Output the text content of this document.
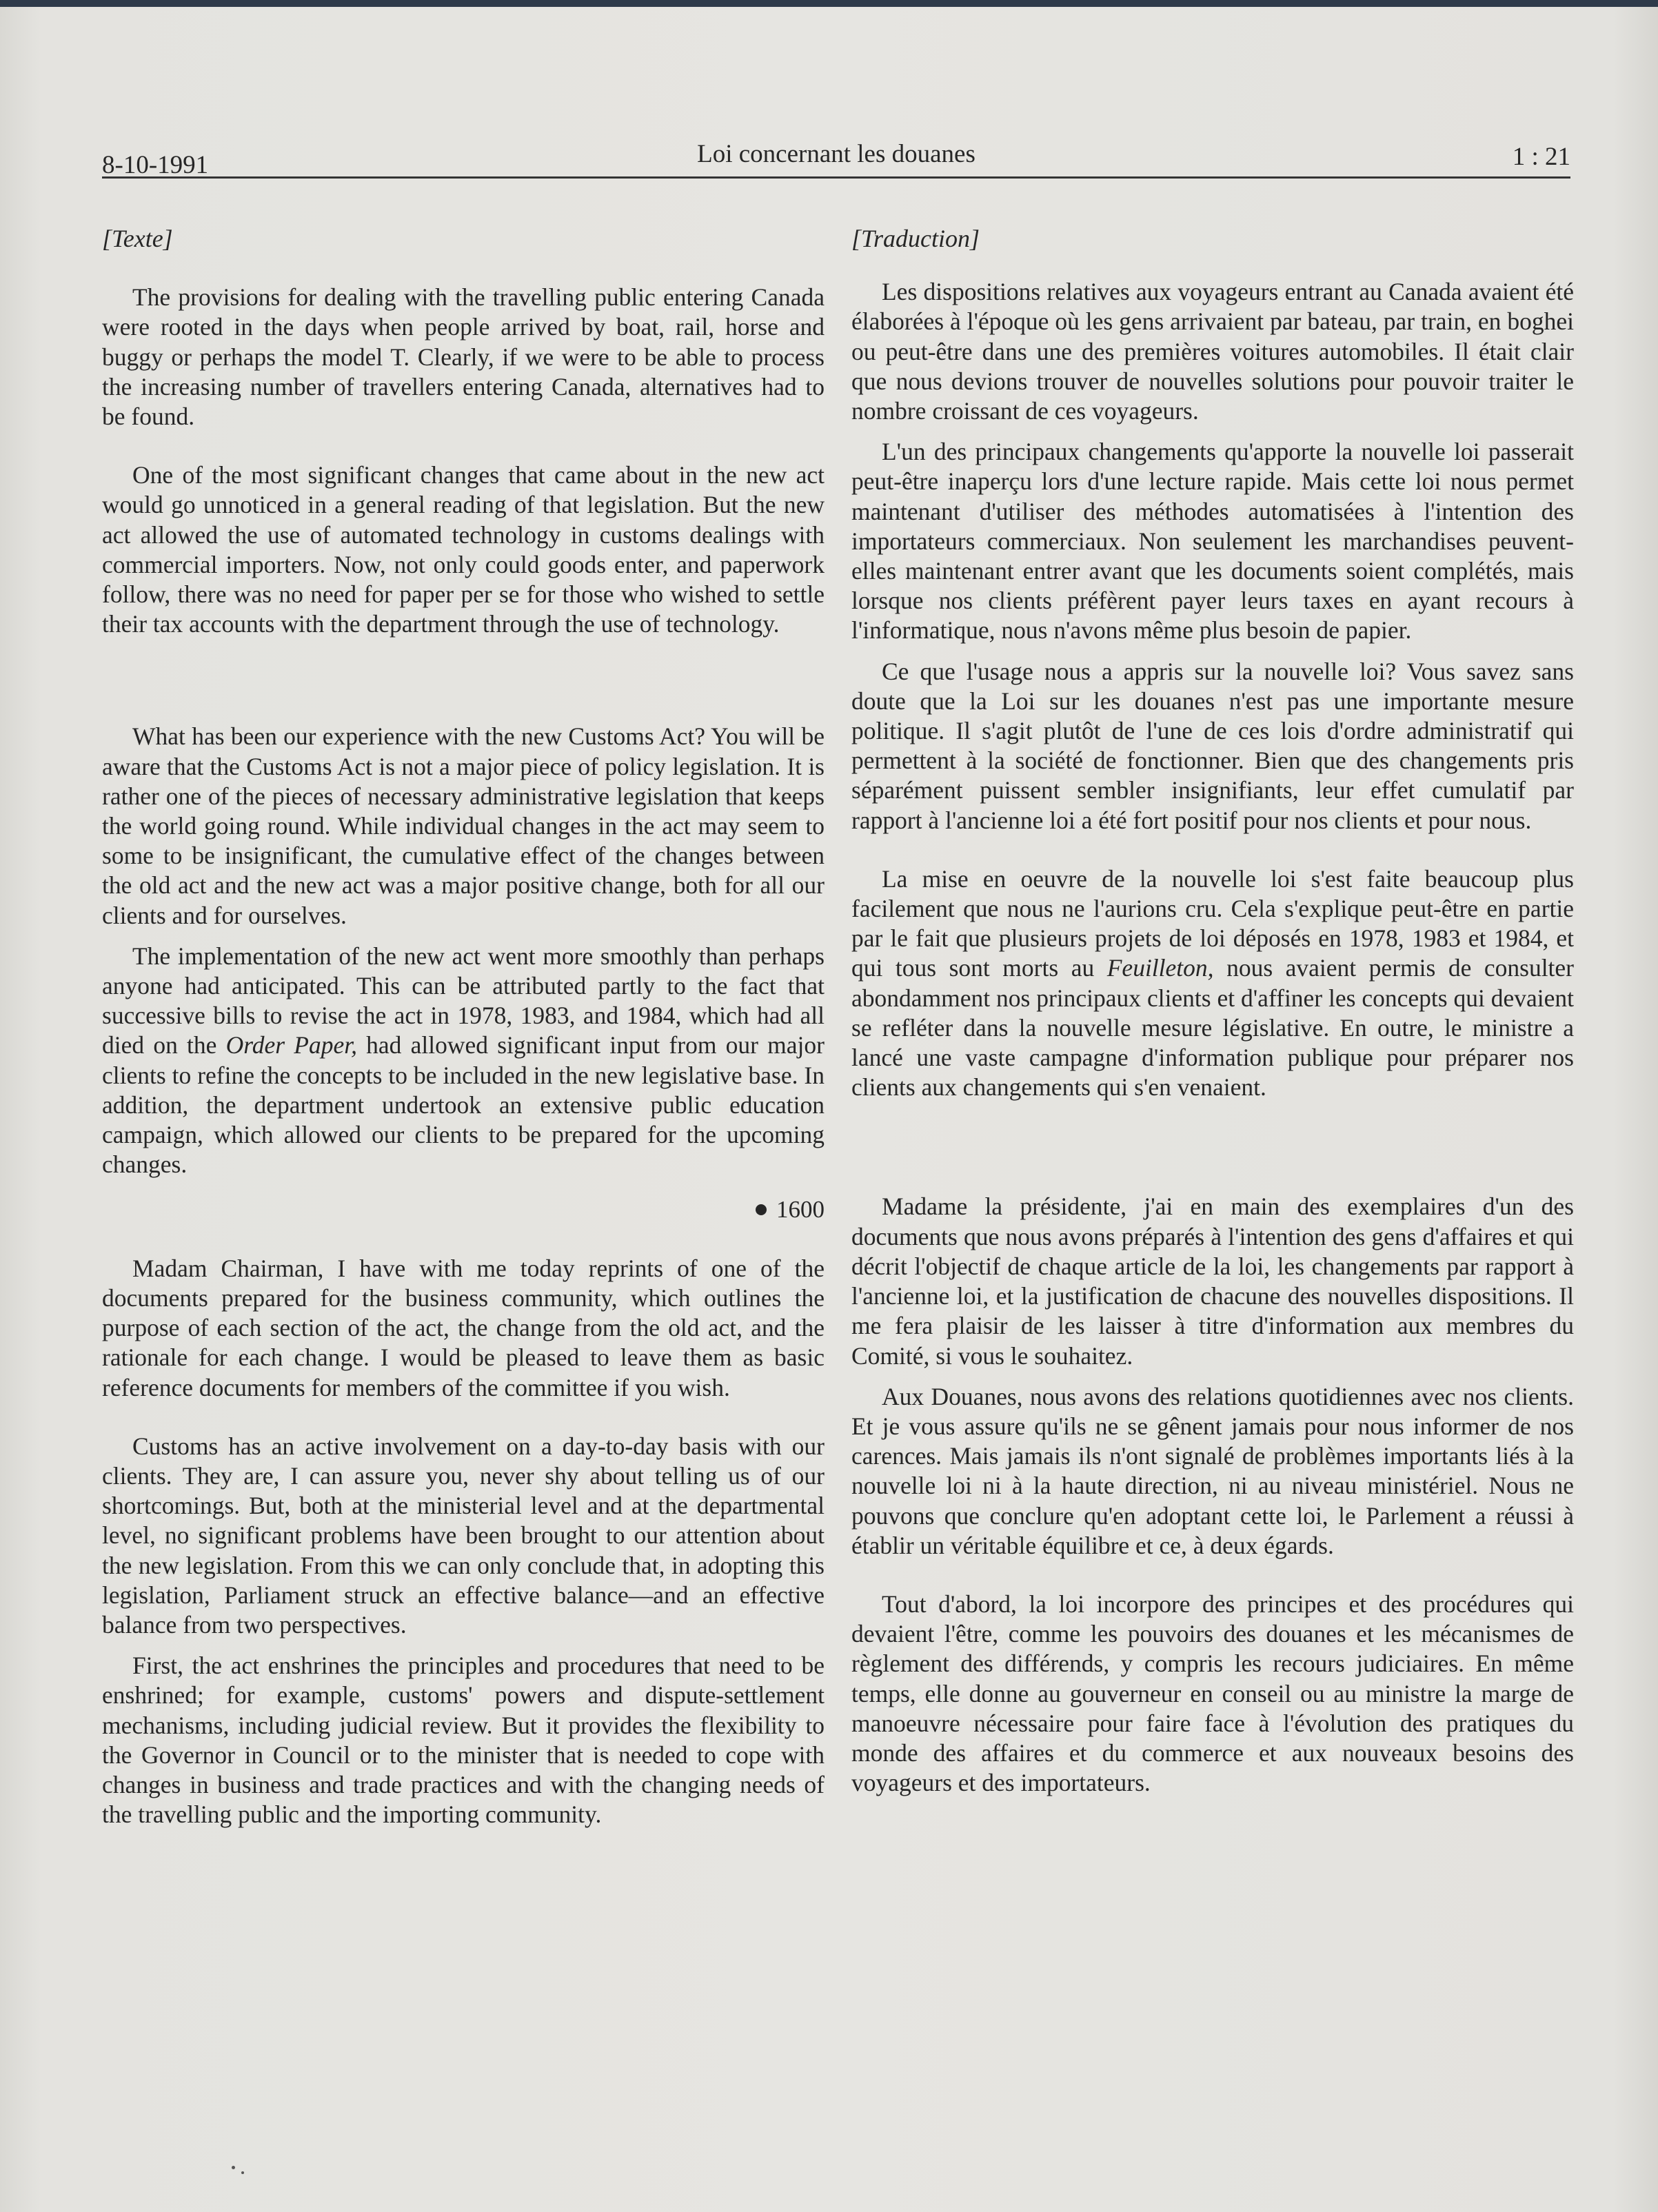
8-10-1991	Loi concernant les douanes	1 : 21
[Texte]

The provisions for dealing with the travelling public entering Canada were rooted in the days when people arrived by boat, rail, horse and buggy or perhaps the model T. Clearly, if we were to be able to process the increasing number of travellers entering Canada, alternatives had to be found.

One of the most significant changes that came about in the new act would go unnoticed in a general reading of that legislation. But the new act allowed the use of automated technology in customs dealings with commercial importers. Now, not only could goods enter, and paperwork follow, there was no need for paper per se for those who wished to settle their tax accounts with the department through the use of technology.

What has been our experience with the new Customs Act? You will be aware that the Customs Act is not a major piece of policy legislation. It is rather one of the pieces of necessary administrative legislation that keeps the world going round. While individual changes in the act may seem to some to be insignificant, the cumulative effect of the changes between the old act and the new act was a major positive change, both for all our clients and for ourselves.

The implementation of the new act went more smoothly than perhaps anyone had anticipated. This can be attributed partly to the fact that successive bills to revise the act in 1978, 1983, and 1984, which had all died on the Order Paper, had allowed significant input from our major clients to refine the concepts to be included in the new legislative base. In addition, the department undertook an extensive public education campaign, which allowed our clients to be prepared for the upcoming changes.

1600

Madam Chairman, I have with me today reprints of one of the documents prepared for the business community, which outlines the purpose of each section of the act, the change from the old act, and the rationale for each change. I would be pleased to leave them as basic reference documents for members of the committee if you wish.

Customs has an active involvement on a day-to-day basis with our clients. They are, I can assure you, never shy about telling us of our shortcomings. But, both at the ministerial level and at the departmental level, no significant problems have been brought to our attention about the new legislation. From this we can only conclude that, in adopting this legislation, Parliament struck an effective balance—and an effective balance from two perspectives.

First, the act enshrines the principles and procedures that need to be enshrined; for example, customs' powers and dispute-settlement mechanisms, including judicial review. But it provides the flexibility to the Governor in Council or to the minister that is needed to cope with changes in business and trade practices and with the changing needs of the travelling public and the importing community.

[Traduction]

Les dispositions relatives aux voyageurs entrant au Canada avaient été élaborées à l'époque où les gens arrivaient par bateau, par train, en boghei ou peut-être dans une des premières voitures automobiles. Il était clair que nous devions trouver de nouvelles solutions pour pouvoir traiter le nombre croissant de ces voyageurs.

L'un des principaux changements qu'apporte la nouvelle loi passerait peut-être inaperçu lors d'une lecture rapide. Mais cette loi nous permet maintenant d'utiliser des méthodes automatisées à l'intention des importateurs commerciaux. Non seulement les marchandises peuvent-elles maintenant entrer avant que les documents soient complétés, mais lorsque nos clients préfèrent payer leurs taxes en ayant recours à l'informatique, nous n'avons même plus besoin de papier.

Ce que l'usage nous a appris sur la nouvelle loi? Vous savez sans doute que la Loi sur les douanes n'est pas une importante mesure politique. Il s'agit plutôt de l'une de ces lois d'ordre administratif qui permettent à la société de fonctionner. Bien que des changements pris séparément puissent sembler insignifiants, leur effet cumulatif par rapport à l'ancienne loi a été fort positif pour nos clients et pour nous.

La mise en oeuvre de la nouvelle loi s'est faite beaucoup plus facilement que nous ne l'aurions cru. Cela s'explique peut-être en partie par le fait que plusieurs projets de loi déposés en 1978, 1983 et 1984, et qui tous sont morts au Feuilleton, nous avaient permis de consulter abondamment nos principaux clients et d'affiner les concepts qui devaient se refléter dans la nouvelle mesure législative. En outre, le ministre a lancé une vaste campagne d'information publique pour préparer nos clients aux changements qui s'en venaient.

Madame la présidente, j'ai en main des exemplaires d'un des documents que nous avons préparés à l'intention des gens d'affaires et qui décrit l'objectif de chaque article de la loi, les changements par rapport à l'ancienne loi, et la justification de chacune des nouvelles dispositions. Il me fera plaisir de les laisser à titre d'information aux membres du Comité, si vous le souhaitez.

Aux Douanes, nous avons des relations quotidiennes avec nos clients. Et je vous assure qu'ils ne se gênent jamais pour nous informer de nos carences. Mais jamais ils n'ont signalé de problèmes importants liés à la nouvelle loi ni à la haute direction, ni au niveau ministériel. Nous ne pouvons que conclure qu'en adoptant cette loi, le Parlement a réussi à établir un véritable équilibre et ce, à deux égards.

Tout d'abord, la loi incorpore des principes et des procédures qui devaient l'être, comme les pouvoirs des douanes et les mécanismes de règlement des différends, y compris les recours judiciaires. En même temps, elle donne au gouverneur en conseil ou au ministre la marge de manoeuvre nécessaire pour faire face à l'évolution des pratiques du monde des affaires et du commerce et aux nouveaux besoins des voyageurs et des importateurs.
